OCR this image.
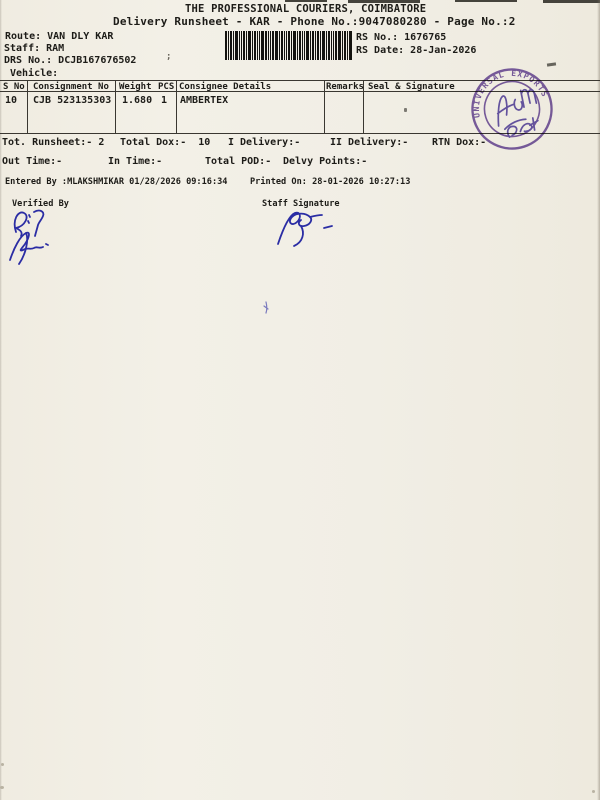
THE PROFESSIONAL COURIERS, COIMBATORE
Delivery Runsheet - KAR - Phone No.:9047080280 - Page No.:2
Route: VAN DLY KAR
Staff: RAM
DRS No.: DCJB167676502
Vehicle:
;
RS No.: 1676765
RS Date: 28-Jan-2026
S No Consignment No Weight PCS Consignee Details	Remarks Seal & Signature
10 CJB 523135303 1.680 1 AMBERTEX
Tot. Runsheet:- 2 Total Dox:-  10 I Delivery:-	II Delivery:- RTN Dox:-
Out Time:-	In Time:-	Total POD:- Delvy Points:-
Entered By :MLAKSHMIKAR 01/28/2026 09:16:34	Printed On: 28-01-2026 10:27:13
Verified By	Staff Signature
UNIVERSAL EXPORTS
